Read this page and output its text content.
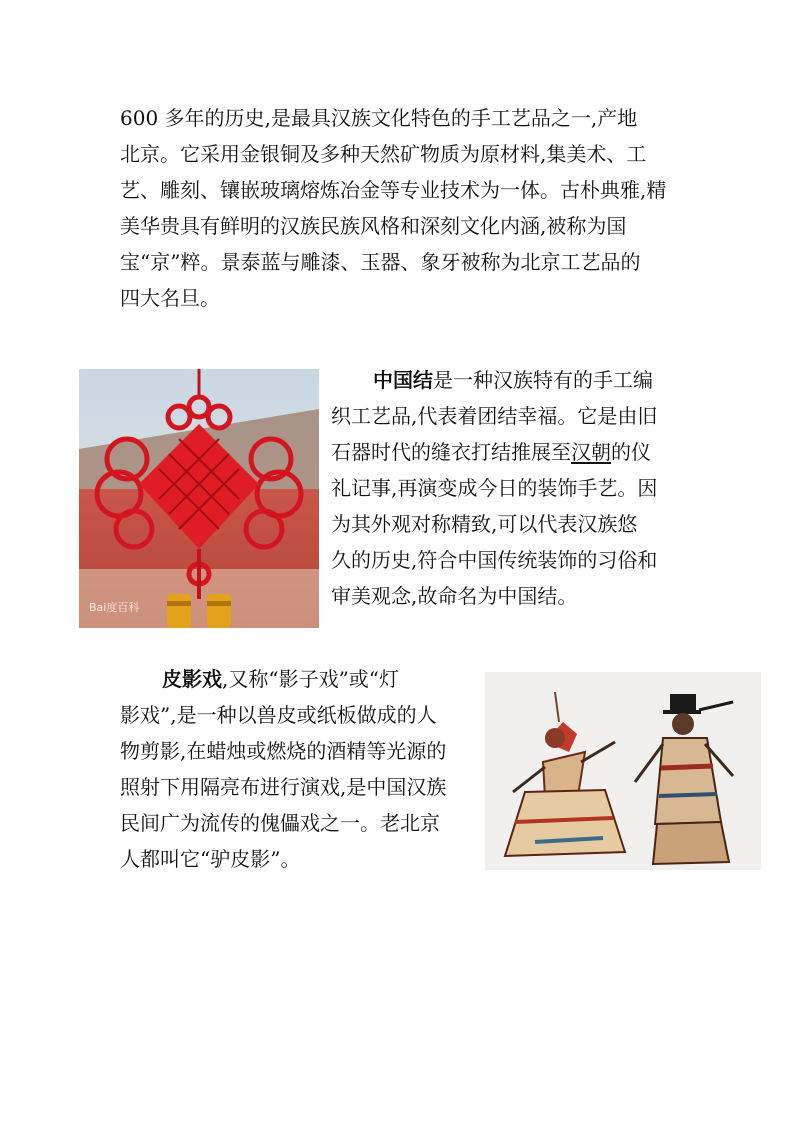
600 多年的历史,是最具汉族文化特色的手工艺品之一,产地
北京。它采用金银铜及多种天然矿物质为原材料,集美术、工
艺、雕刻、镶嵌玻璃熔炼冶金等专业技术为一体。古朴典雅,精
美华贵具有鲜明的汉族民族风格和深刻文化内涵,被称为国
宝“京”粹。景泰蓝与雕漆、玉器、象牙被称为北京工艺品的
四大名旦。
Bai度百科
中国结是一种汉族特有的手工编
织工艺品,代表着团结幸福。它是由旧
石器时代的缝衣打结推展至汉朝的仪
礼记事,再演变成今日的装饰手艺。因
为其外观对称精致,可以代表汉族悠
久的历史,符合中国传统装饰的习俗和
审美观念,故命名为中国结。
皮影戏,又称“影子戏”或“灯
影戏”,是一种以兽皮或纸板做成的人
物剪影,在蜡烛或燃烧的酒精等光源的
照射下用隔亮布进行演戏,是中国汉族
民间广为流传的傀儡戏之一。老北京
人都叫它“驴皮影”。
